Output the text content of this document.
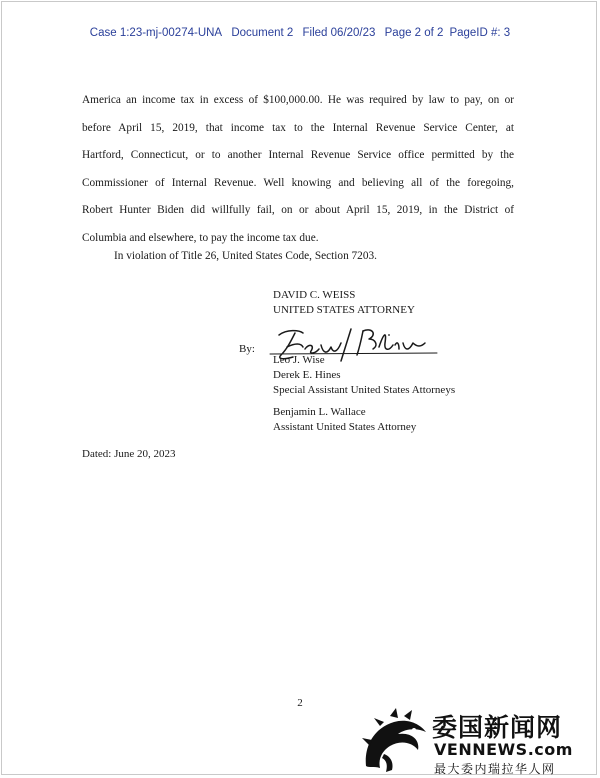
Case 1:23-mj-00274-UNA Document 2 Filed 06/20/23 Page 2 of 2 PageID #: 3

America an income tax in excess of $100,000.00. He was required by law to pay, on or
before April 15, 2019, that income tax to the Internal Revenue Service Center, at
Hartford, Connecticut, or to another Internal Revenue Service office permitted by the
Commissioner of Internal Revenue. Well knowing and believing all of the foregoing,
Robert Hunter Biden did willfully fail, on or about April 15, 2019, in the District of
Columbia and elsewhere, to pay the income tax due.

In violation of Title 26, United States Code, Section 7203.
DAVID C. WEISS
UNITED STATES ATTORNEY
By:
Leo J. Wise
Derek E. Hines
Special Assistant United States Attorneys
Benjamin L. Wallace
Assistant United States Attorney
Dated: June 20, 2023
2
委国新闻网
VENNEWS.com
最大委内瑞拉华人网
